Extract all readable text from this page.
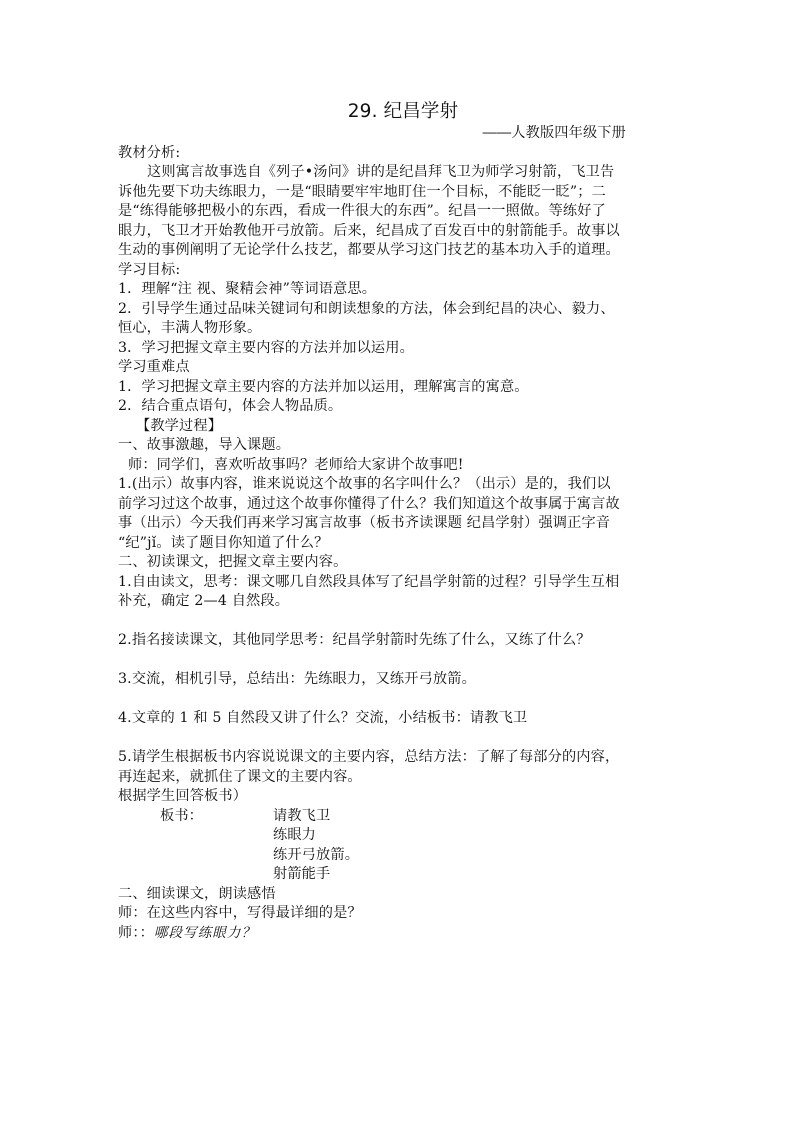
29. 纪昌学射
――人教版四年级下册
教材分析:
这则寓言故事选自《列子•汤问》讲的是纪昌拜飞卫为师学习射箭，飞卫告
诉他先要下功夫练眼力，一是“眼睛要牢牢地盯住一个目标，不能眨一眨”；二
是“练得能够把极小的东西，看成一件很大的东西”。纪昌一一照做。等练好了
眼力，飞卫才开始教他开弓放箭。后来，纪昌成了百发百中的射箭能手。故事以
生动的事例阐明了无论学什么技艺，都要从学习这门技艺的基本功入手的道理。
学习目标:
1．理解“注 视、聚精会神”等词语意思。
2．引导学生通过品味关键词句和朗读想象的方法，体会到纪昌的决心、毅力、
恒心，丰满人物形象。
3．学习把握文章主要内容的方法并加以运用。
学习重难点
1．学习把握文章主要内容的方法并加以运用，理解寓言的寓意。
2．结合重点语句，体会人物品质。
【教学过程】
一、故事激趣，导入课题。
师：同学们，喜欢听故事吗？老师给大家讲个故事吧!
1.(出示）故事内容，谁来说说这个故事的名字叫什么？（出示）是的，我们以
前学习过这个故事，通过这个故事你懂得了什么？我们知道这个故事属于寓言故
事（出示）今天我们再来学习寓言故事（板书齐读课题 纪昌学射）强调正字音
“纪”jǐ。读了题目你知道了什么？
二、初读课文，把握文章主要内容。
1.自由读文，思考：课文哪几自然段具体写了纪昌学射箭的过程？引导学生互相
补充，确定 2—4 自然段。
2.指名接读课文，其他同学思考：纪昌学射箭时先练了什么，又练了什么？
3.交流，相机引导，总结出：先练眼力，又练开弓放箭。
4.文章的 1 和 5 自然段又讲了什么？交流，小结板书：请教飞卫
5.请学生根据板书内容说说课文的主要内容，总结方法：了解了每部分的内容，
再连起来，就抓住了课文的主要内容。
根据学生回答板书）
板书：	请教飞卫
练眼力
练开弓放箭。
射箭能手
二、细读课文，朗读感悟
师：在这些内容中，写得最详细的是？
师：：哪段写练眼力？
